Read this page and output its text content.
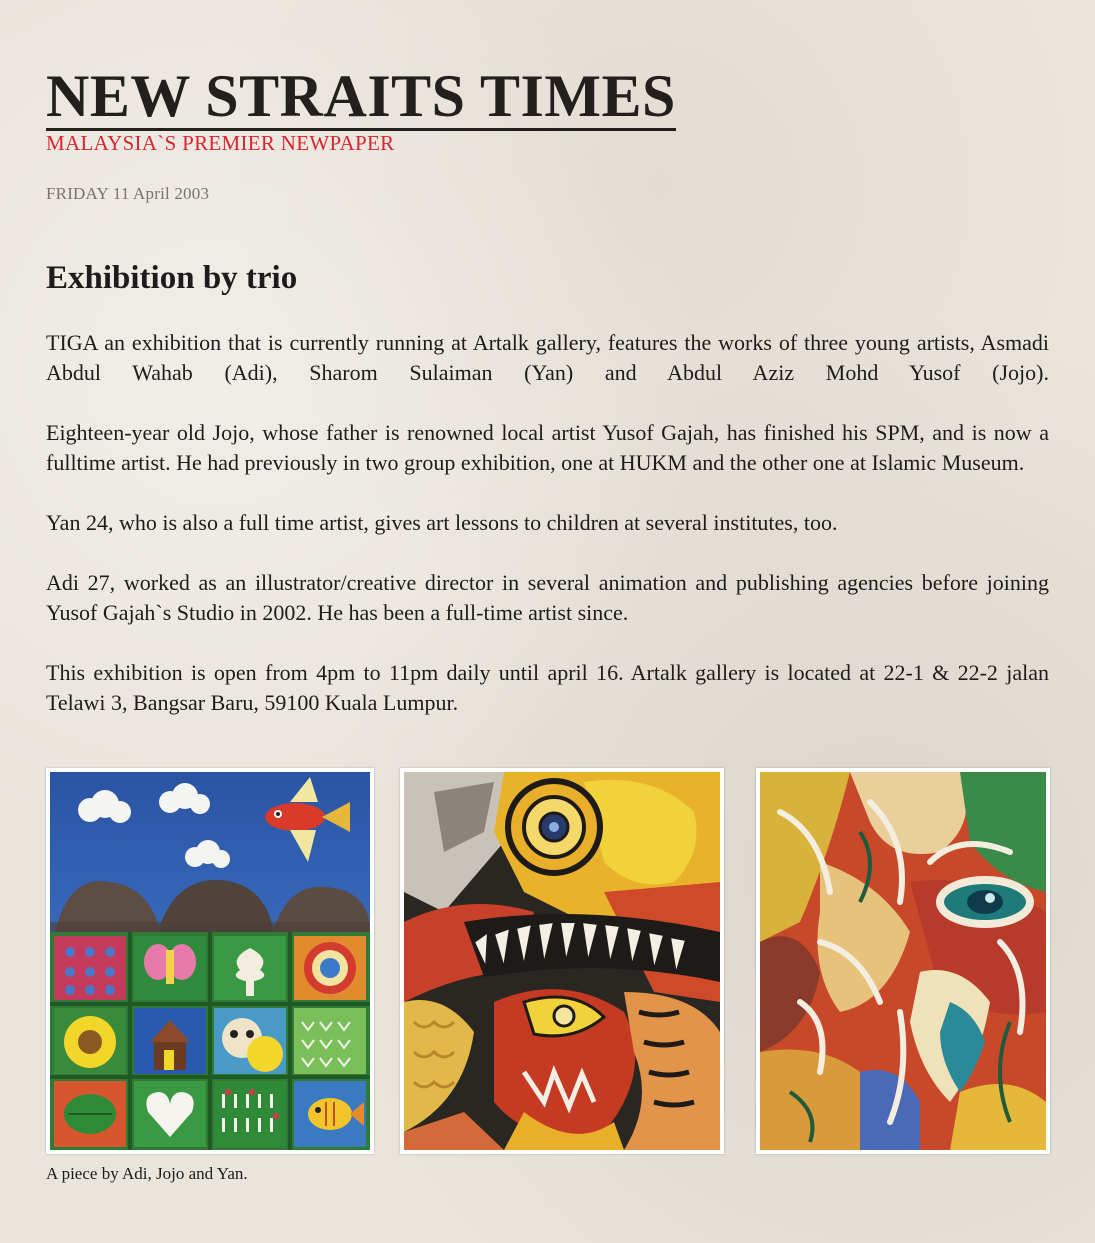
NEW STRAITS TIMES

MALAYSIA`S PREMIER NEWPAPER

FRIDAY 11 April 2003
Exhibition by trio

TIGA an exhibition that is currently running at Artalk gallery, features the works of three young artists, Asmadi Abdul Wahab (Adi), Sharom Sulaiman (Yan) and Abdul Aziz Mohd Yusof (Jojo).

Eighteen-year old Jojo, whose father is renowned local artist Yusof Gajah, has finished his SPM, and is now a fulltime artist. He had previously in two group exhibition, one at HUKM and the other one at Islamic Museum.

Yan 24, who is also a full time artist, gives art lessons to children at several institutes, too.

Adi 27, worked as an illustrator/creative director in several animation and publishing agencies before joining Yusof Gajah`s Studio in 2002. He has been a full-time artist since.

This exhibition is open from 4pm to 11pm daily until april 16. Artalk gallery is located at 22-1 & 22-2 jalan Telawi 3, Bangsar Baru, 59100 Kuala Lumpur.

A piece by Adi, Jojo and Yan.
